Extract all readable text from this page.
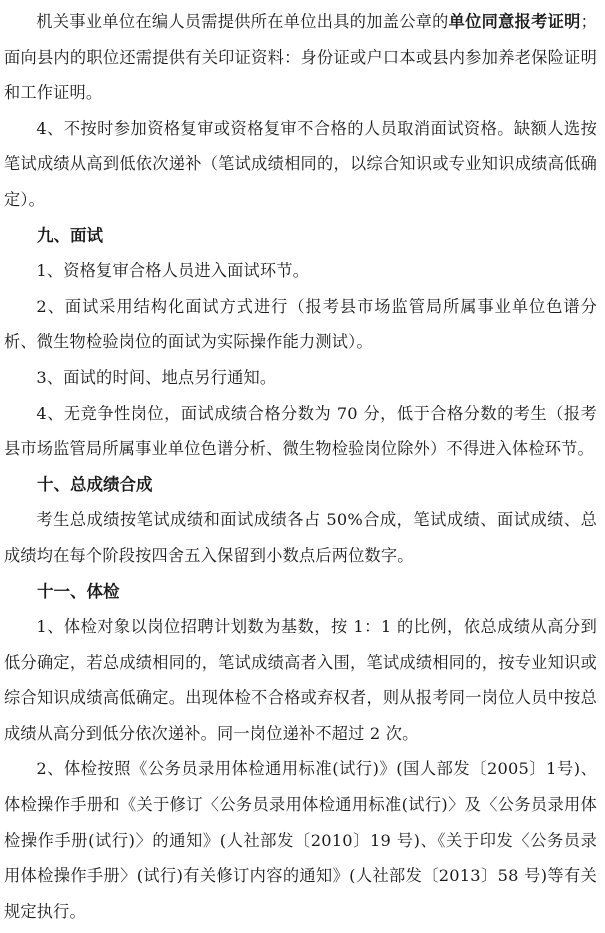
机关事业单位在编人员需提供所在单位出具的加盖公章的单位同意报考证明；面向县内的职位还需提供有关印证资料：身份证或户口本或县内参加养老保险证明和工作证明。

4、不按时参加资格复审或资格复审不合格的人员取消面试资格。缺额人选按笔试成绩从高到低依次递补（笔试成绩相同的，以综合知识或专业知识成绩高低确定）。

九、面试

1、资格复审合格人员进入面试环节。

2、面试采用结构化面试方式进行（报考县市场监管局所属事业单位色谱分析、微生物检验岗位的面试为实际操作能力测试）。

3、面试的时间、地点另行通知。

4、无竞争性岗位，面试成绩合格分数为 70 分，低于合格分数的考生（报考县市场监管局所属事业单位色谱分析、微生物检验岗位除外）不得进入体检环节。

十、总成绩合成

考生总成绩按笔试成绩和面试成绩各占 50%合成，笔试成绩、面试成绩、总成绩均在每个阶段按四舍五入保留到小数点后两位数字。

十一、体检

1、体检对象以岗位招聘计划数为基数，按 1：1 的比例，依总成绩从高分到低分确定，若总成绩相同的，笔试成绩高者入围，笔试成绩相同的，按专业知识或综合知识成绩高低确定。出现体检不合格或弃权者，则从报考同一岗位人员中按总成绩从高分到低分依次递补。同一岗位递补不超过 2 次。

2、体检按照《公务员录用体检通用标准(试行)》(国人部发〔2005〕1号)、体检操作手册和《关于修订〈公务员录用体检通用标准(试行)〉及〈公务员录用体检操作手册(试行)〉的通知》(人社部发〔2010〕19 号)、《关于印发〈公务员录用体检操作手册〉(试行)有关修订内容的通知》(人社部发〔2013〕58 号)等有关规定执行。
